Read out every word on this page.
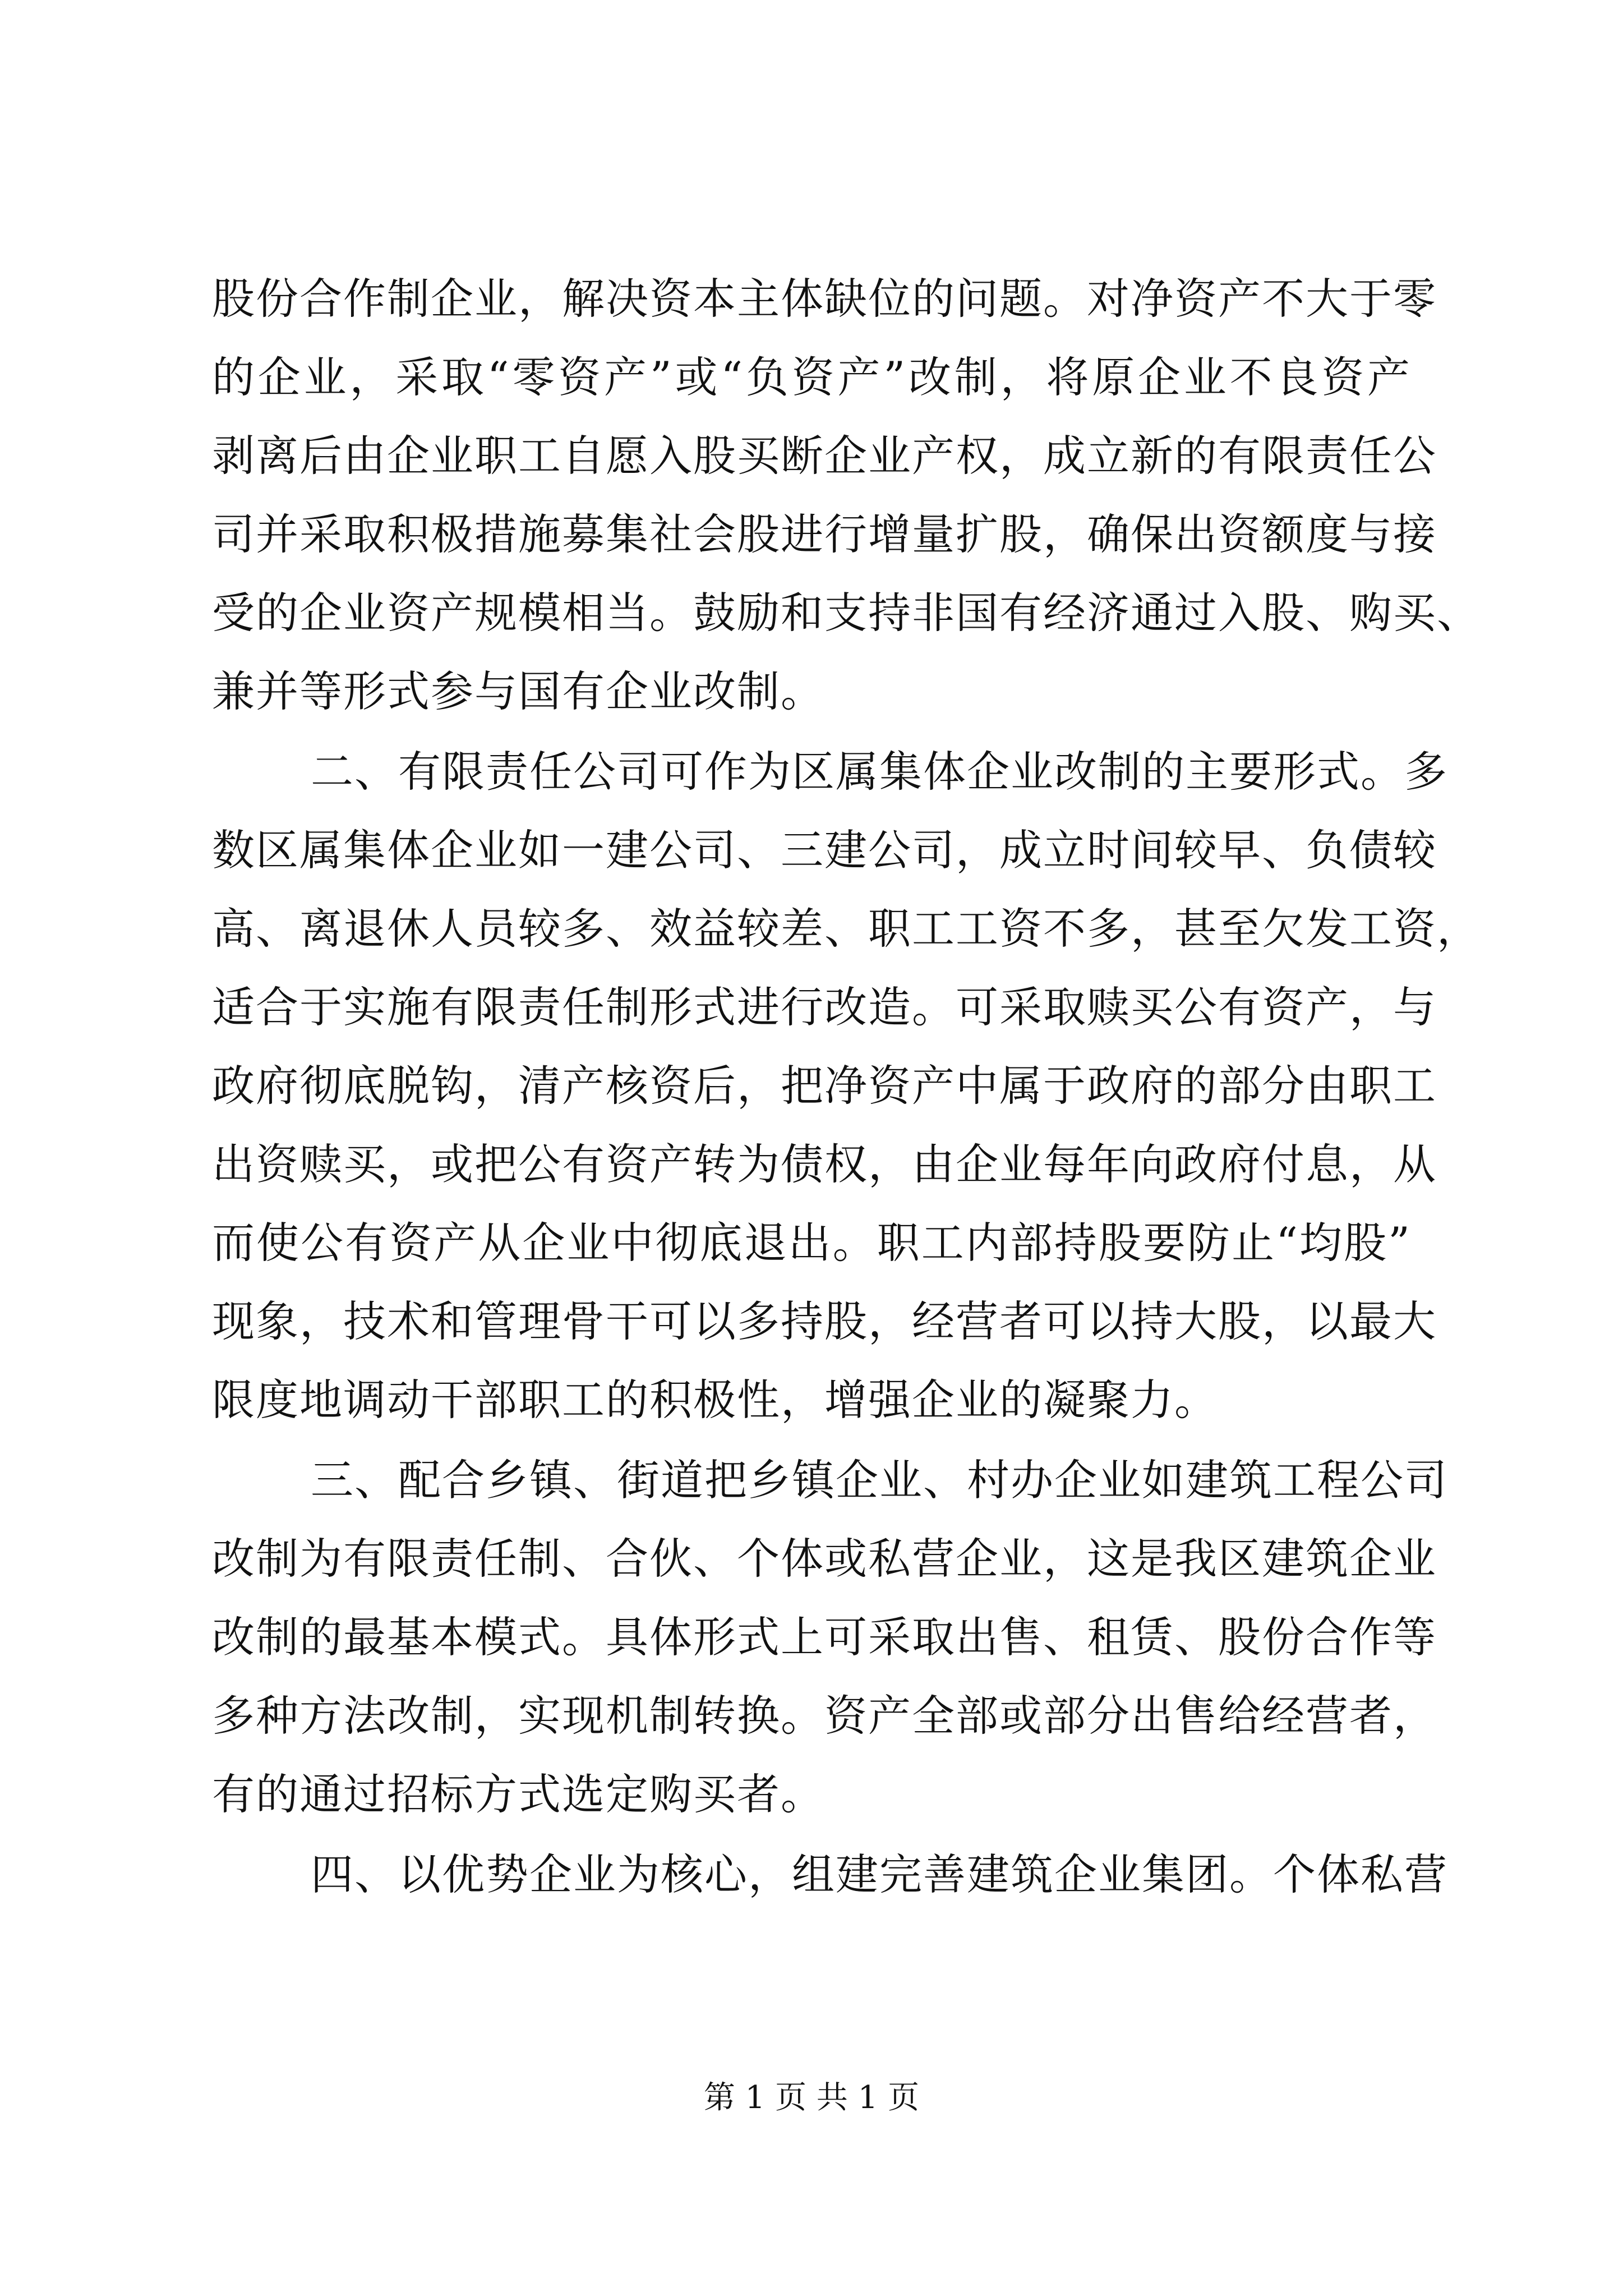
股份合作制企业，解决资本主体缺位的问题。对净资产不大于零
的企业，采取“零资产”或“负资产”改制，将原企业不良资产
剥离后由企业职工自愿入股买断企业产权，成立新的有限责任公
司并采取积极措施募集社会股进行增量扩股，确保出资额度与接
受的企业资产规模相当。鼓励和支持非国有经济通过入股、购买、
兼并等形式参与国有企业改制。
二、有限责任公司可作为区属集体企业改制的主要形式。多
数区属集体企业如一建公司、三建公司，成立时间较早、负债较
高、离退休人员较多、效益较差、职工工资不多，甚至欠发工资，
适合于实施有限责任制形式进行改造。可采取赎买公有资产，与
政府彻底脱钩，清产核资后，把净资产中属于政府的部分由职工
出资赎买，或把公有资产转为债权，由企业每年向政府付息，从
而使公有资产从企业中彻底退出。职工内部持股要防止“均股”
现象，技术和管理骨干可以多持股，经营者可以持大股，以最大
限度地调动干部职工的积极性，增强企业的凝聚力。
三、配合乡镇、街道把乡镇企业、村办企业如建筑工程公司
改制为有限责任制、合伙、个体或私营企业，这是我区建筑企业
改制的最基本模式。具体形式上可采取出售、租赁、股份合作等
多种方法改制，实现机制转换。资产全部或部分出售给经营者，
有的通过招标方式选定购买者。
四、以优势企业为核心，组建完善建筑企业集团。个体私营
第 1 页 共 1 页
